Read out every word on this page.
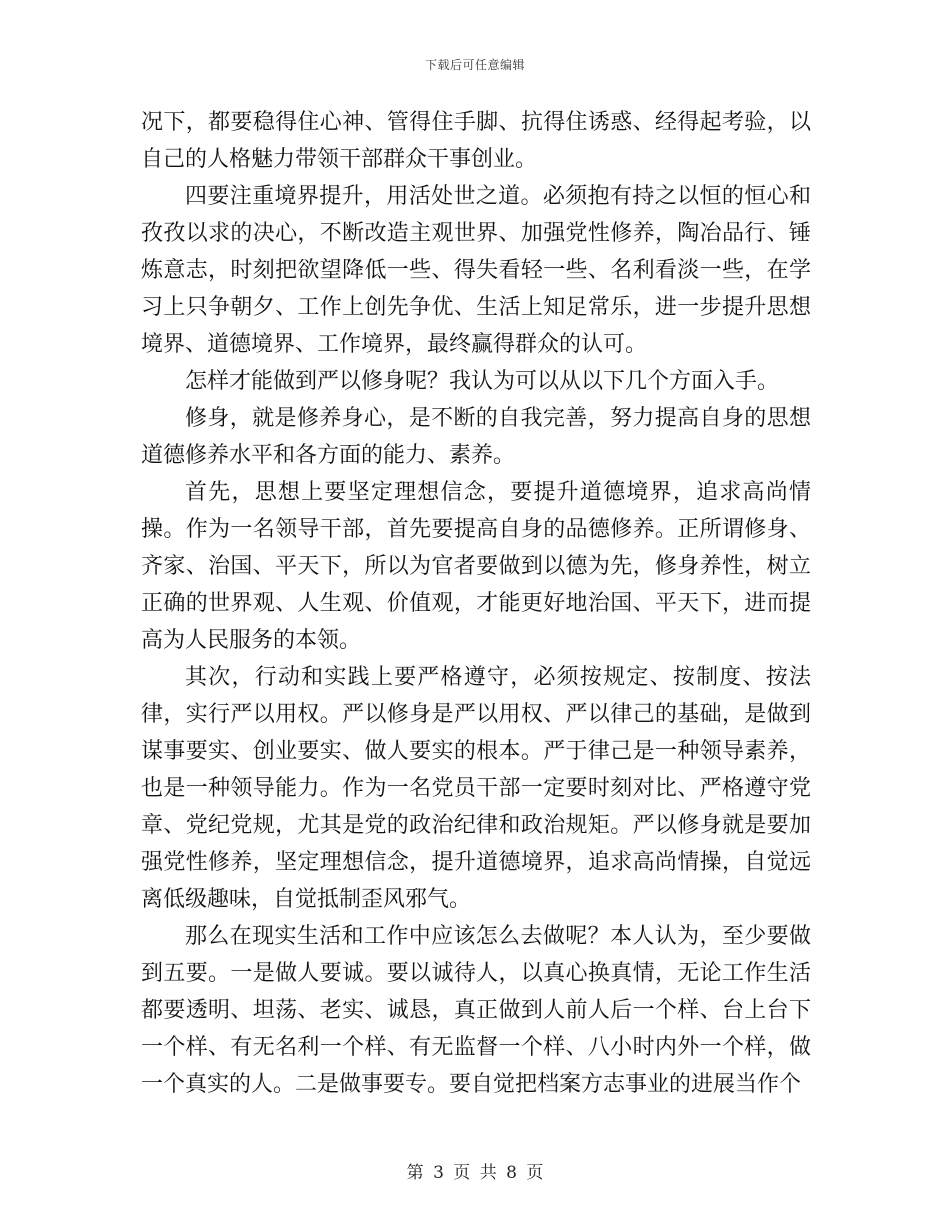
下载后可任意编辑

况下，都要稳得住心神、管得住手脚、抗得住诱惑、经得起考验，以自己的人格魅力带领干部群众干事创业。

四要注重境界提升，用活处世之道。必须抱有持之以恒的恒心和孜孜以求的决心，不断改造主观世界、加强党性修养，陶冶品行、锤炼意志，时刻把欲望降低一些、得失看轻一些、名利看淡一些，在学习上只争朝夕、工作上创先争优、生活上知足常乐，进一步提升思想境界、道德境界、工作境界，最终赢得群众的认可。

怎样才能做到严以修身呢？我认为可以从以下几个方面入手。

修身，就是修养身心，是不断的自我完善，努力提高自身的思想道德修养水平和各方面的能力、素养。

首先，思想上要坚定理想信念，要提升道德境界，追求高尚情操。作为一名领导干部，首先要提高自身的品德修养。正所谓修身、齐家、治国、平天下，所以为官者要做到以德为先，修身养性，树立正确的世界观、人生观、价值观，才能更好地治国、平天下，进而提高为人民服务的本领。

其次，行动和实践上要严格遵守，必须按规定、按制度、按法律，实行严以用权。严以修身是严以用权、严以律己的基础，是做到谋事要实、创业要实、做人要实的根本。严于律己是一种领导素养，也是一种领导能力。作为一名党员干部一定要时刻对比、严格遵守党章、党纪党规，尤其是党的政治纪律和政治规矩。严以修身就是要加强党性修养，坚定理想信念，提升道德境界，追求高尚情操，自觉远离低级趣味，自觉抵制歪风邪气。

那么在现实生活和工作中应该怎么去做呢？本人认为，至少要做到五要。一是做人要诚。要以诚待人，以真心换真情，无论工作生活都要透明、坦荡、老实、诚恳，真正做到人前人后一个样、台上台下一个样、有无名利一个样、有无监督一个样、八小时内外一个样，做一个真实的人。二是做事要专。要自觉把档案方志事业的进展当作个

第 3 页 共 8 页
